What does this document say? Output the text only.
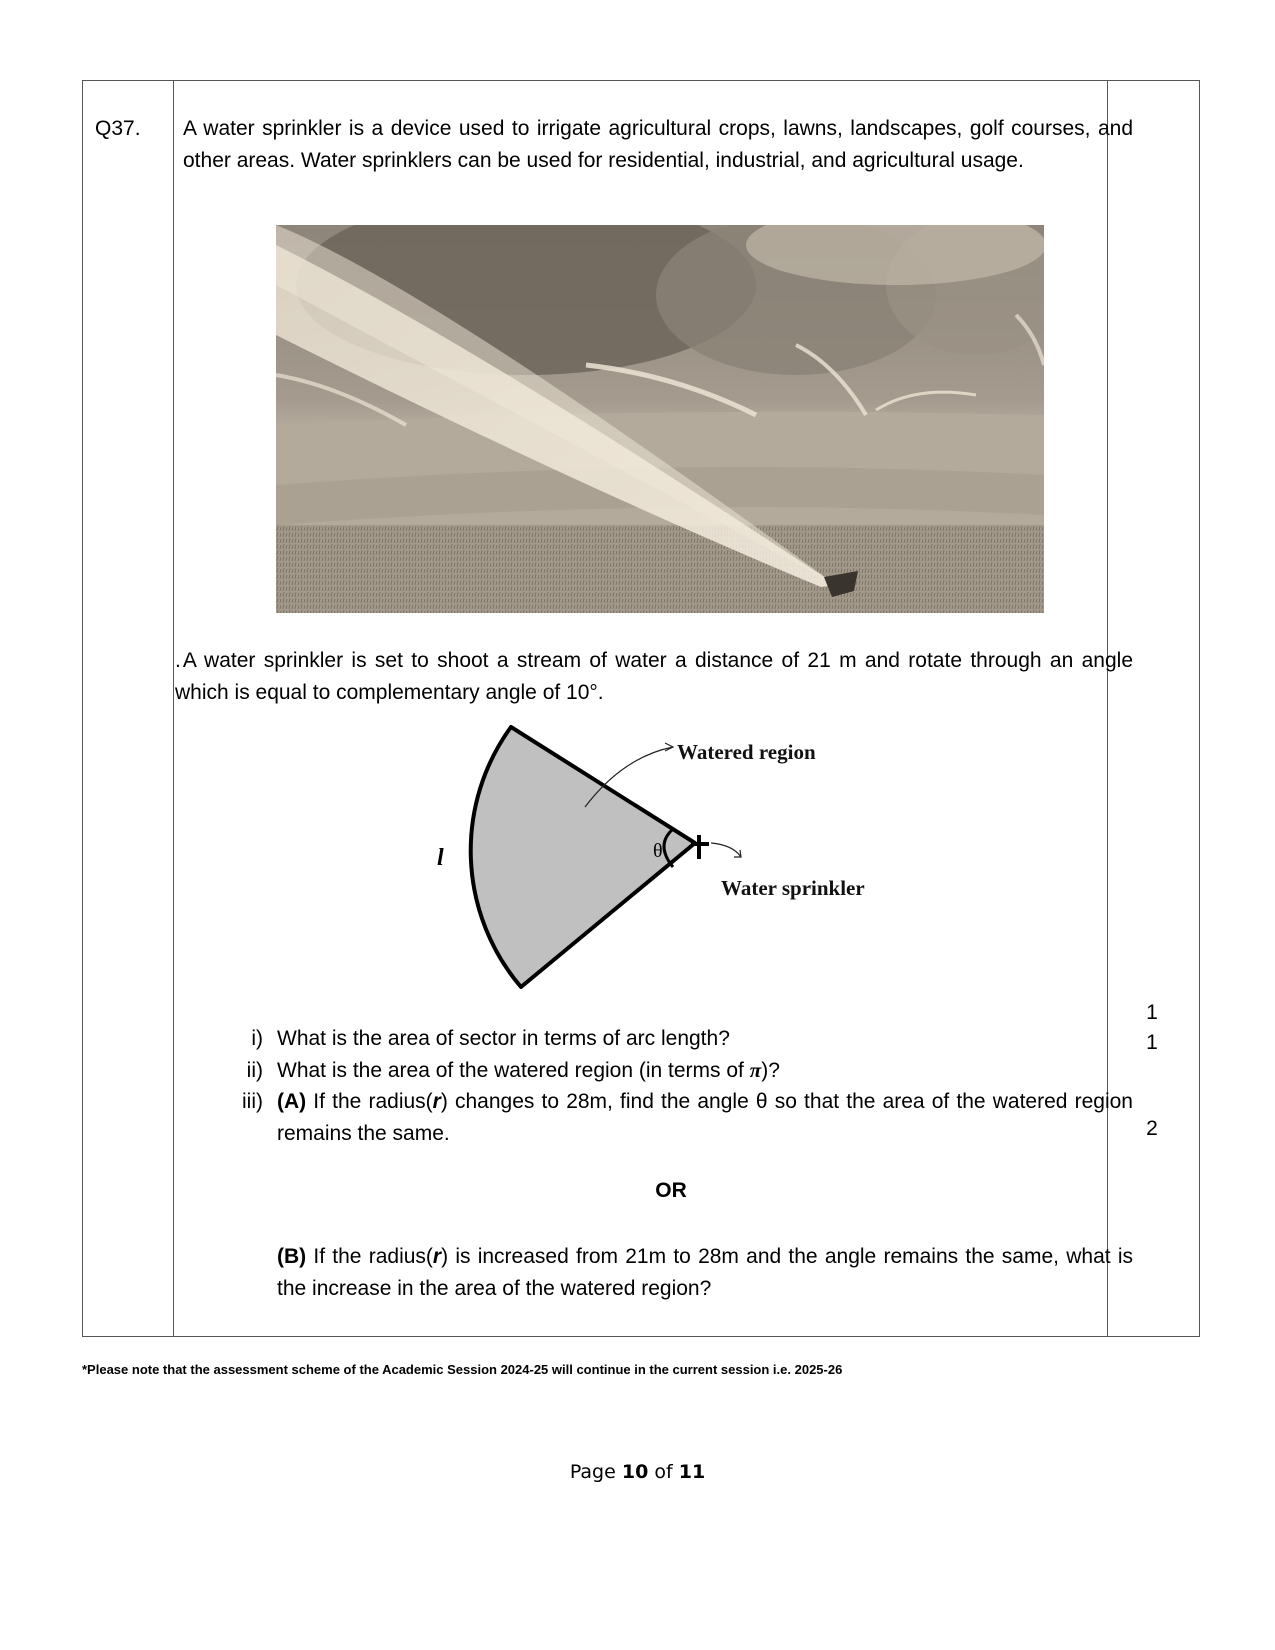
Q37. A water sprinkler is a device used to irrigate agricultural crops, lawns, landscapes, golf courses, and other areas. Water sprinklers can be used for residential, industrial, and agricultural usage.
.A water sprinkler is set to shoot a stream of water a distance of 21 m and rotate through an angle which is equal to complementary angle of 10°.
Watered region
Water sprinkler
θ
l
i) What is the area of sector in terms of arc length?
ii) What is the area of the watered region (in terms of π)?
iii) (A) If the radius(r) changes to 28m, find the angle θ so that the area of the watered region remains the same.
OR
(B) If the radius(r) is increased from 21m to 28m and the angle remains the same, what is the increase in the area of the watered region?
1
1
2
*Please note that the assessment scheme of the Academic Session 2024-25 will continue in the current session i.e. 2025-26
Page 10 of 11
